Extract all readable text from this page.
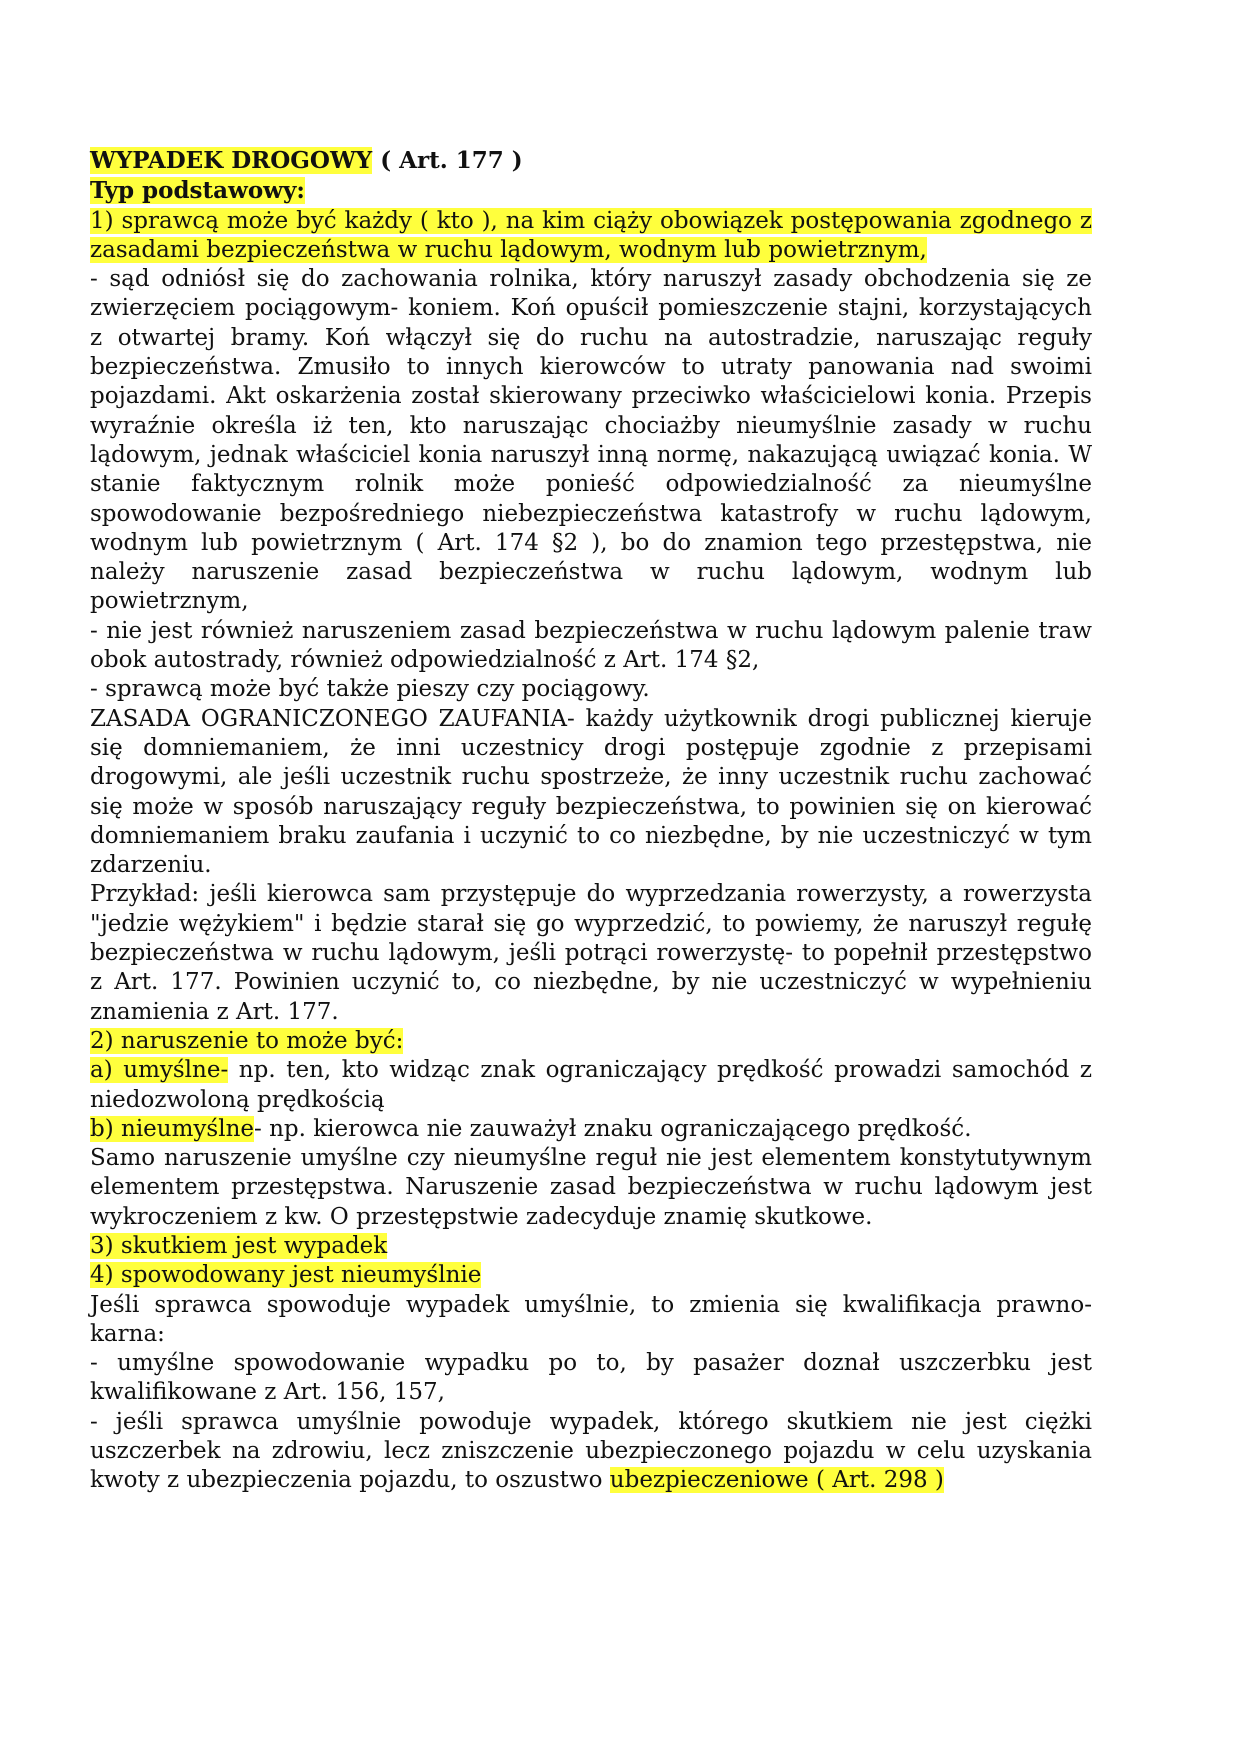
WYPADEK DROGOWY ( Art. 177 )

Typ podstawowy:

1) sprawcą może być każdy ( kto ), na kim ciąży obowiązek postępowania zgodnego z zasadami bezpieczeństwa w ruchu lądowym, wodnym lub powietrznym,

- sąd odniósł się do zachowania rolnika, który naruszył zasady obchodzenia się ze zwierzęciem pociągowym- koniem. Koń opuścił pomieszczenie stajni, korzystających z otwartej bramy. Koń włączył się do ruchu na autostradzie, naruszając reguły bezpieczeństwa. Zmusiło to innych kierowców to utraty panowania nad swoimi pojazdami. Akt oskarżenia został skierowany przeciwko właścicielowi konia. Przepis wyraźnie określa iż ten, kto naruszając chociażby nieumyślnie zasady w ruchu lądowym, jednak właściciel konia naruszył inną normę, nakazującą uwiązać konia. W stanie faktycznym rolnik może ponieść odpowiedzialność za nieumyślne spowodowanie bezpośredniego niebezpieczeństwa katastrofy w ruchu lądowym, wodnym lub powietrznym ( Art. 174 §2 ), bo do znamion tego przestępstwa, nie należy naruszenie zasad bezpieczeństwa w ruchu lądowym, wodnym lub powietrznym,

- nie jest również naruszeniem zasad bezpieczeństwa w ruchu lądowym palenie traw obok autostrady, również odpowiedzialność z Art. 174 §2,

- sprawcą może być także pieszy czy pociągowy.

ZASADA OGRANICZONEGO ZAUFANIA- każdy użytkownik drogi publicznej kieruje się domniemaniem, że inni uczestnicy drogi postępuje zgodnie z przepisami drogowymi, ale jeśli uczestnik ruchu spostrzeże, że inny uczestnik ruchu zachować się może w sposób naruszający reguły bezpieczeństwa, to powinien się on kierować domniemaniem braku zaufania i uczynić to co niezbędne, by nie uczestniczyć w tym zdarzeniu.

Przykład: jeśli kierowca sam przystępuje do wyprzedzania rowerzysty, a rowerzysta "jedzie wężykiem" i będzie starał się go wyprzedzić, to powiemy, że naruszył regułę bezpieczeństwa w ruchu lądowym, jeśli potrąci rowerzystę- to popełnił przestępstwo z Art. 177. Powinien uczynić to, co niezbędne, by nie uczestniczyć w wypełnieniu znamienia z Art. 177.

2) naruszenie to może być:

a) umyślne- np. ten, kto widząc znak ograniczający prędkość prowadzi samochód z niedozwoloną prędkością

b) nieumyślne- np. kierowca nie zauważył znaku ograniczającego prędkość.

Samo naruszenie umyślne czy nieumyślne reguł nie jest elementem konstytutywnym elementem przestępstwa. Naruszenie zasad bezpieczeństwa w ruchu lądowym jest wykroczeniem z kw. O przestępstwie zadecyduje znamię skutkowe.

3) skutkiem jest wypadek

4) spowodowany jest nieumyślnie

Jeśli sprawca spowoduje wypadek umyślnie, to zmienia się kwalifikacja prawno-karna:

- umyślne spowodowanie wypadku po to, by pasażer doznał uszczerbku jest kwalifikowane z Art. 156, 157,

- jeśli sprawca umyślnie powoduje wypadek, którego skutkiem nie jest ciężki uszczerbek na zdrowiu, lecz zniszczenie ubezpieczonego pojazdu w celu uzyskania kwoty z ubezpieczenia pojazdu, to oszustwo ubezpieczeniowe ( Art. 298 )
